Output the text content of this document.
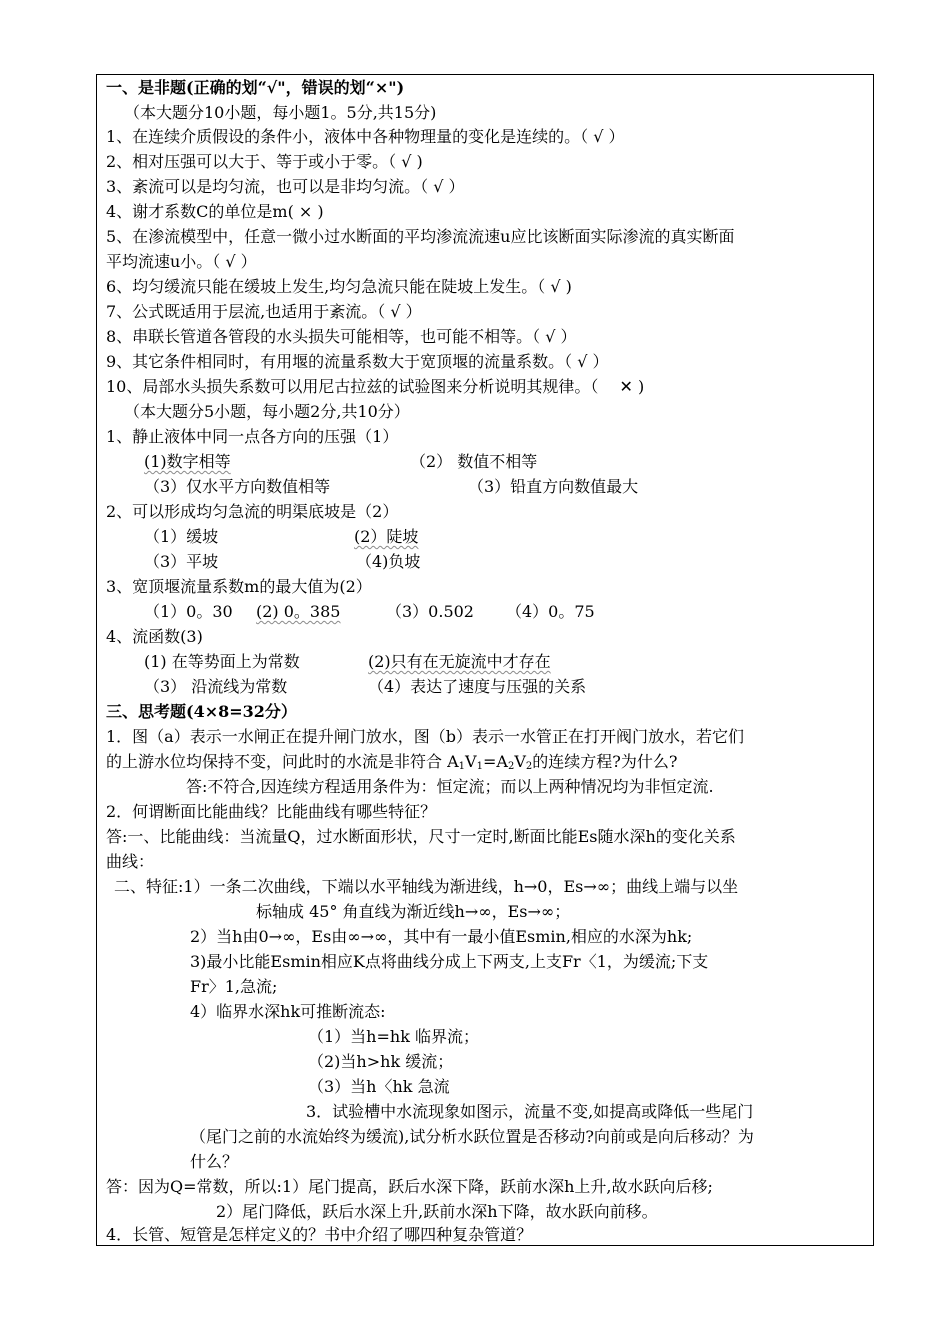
一、是非题(正确的划“√"，错误的划“×")
（本大题分10小题，每小题1。5分,共15分)
1、在连续介质假设的条件小，液体中各种物理量的变化是连续的。（ √ ）
2、相对压强可以大于、等于或小于零。（ √ )
3、紊流可以是均匀流，也可以是非均匀流。（ √ ）
4、谢才系数C的单位是m( × )
5、在渗流模型中，任意一微小过水断面的平均渗流流速u应比该断面实际渗流的真实断面
平均流速u小。（ √ ）
6、均匀缓流只能在缓坡上发生,均匀急流只能在陡坡上发生。（ √ )
7、公式既适用于层流,也适用于紊流。（ √ ）
8、串联长管道各管段的水头损失可能相等，也可能不相等。（ √ ）
9、其它条件相同时，有用堰的流量系数大于宽顶堰的流量系数。（ √ ）
10、局部水头损失系数可以用尼古拉兹的试验图来分析说明其规律。（　 ✕ )
（本大题分5小题，每小题2分,共10分）
1、静止液体中同一点各方向的压强（1）
(1)数字相等	（2） 数值不相等
（3）仅水平方向数值相等	（3）铅直方向数值最大
2、可以形成均匀急流的明渠底坡是（2）
（1）缓坡	(2）陡坡
（3）平坡	（4)负坡
3、宽顶堰流量系数m的最大值为(2）
（1）0。30 (2) 0。385	（3）0.502 （4）0。75
4、流函数(3)
(1) 在等势面上为常数	(2)只有在无旋流中才存在
（3） 沿流线为常数	（4）表达了速度与压强的关系
三、思考题(4×8=32分）
1．图（a）表示一水闸正在提升闸门放水，图（b）表示一水管正在打开阀门放水，若它们
的上游水位均保持不变，问此时的水流是非符合 $A_1V_1=A_2V_2$的连续方程?为什么?
答:不符合,因连续方程适用条件为：恒定流；而以上两种情况均为非恒定流.
2．何谓断面比能曲线？比能曲线有哪些特征？
答:一、比能曲线：当流量Q，过水断面形状，尺寸一定时,断面比能Es随水深h的变化关系
曲线：
二、特征:1）一条二次曲线，下端以水平轴线为渐进线，h→0，Es→∞；曲线上端与以坐
标轴成 45° 角直线为渐近线h→∞，Es→∞；
2）当h由0→∞，Es由∞→∞，其中有一最小值Esmin,相应的水深为hk;
3)最小比能Esmin相应K点将曲线分成上下两支,上支Fr〈1，为缓流;下支
Fr〉1,急流;
4）临界水深hk可推断流态:
（1）当h=hk 临界流；
（2)当h>hk 缓流；
（3）当h〈hk 急流
3．试验槽中水流现象如图示，流量不变,如提高或降低一些尾门
（尾门之前的水流始终为缓流),试分析水跃位置是否移动?向前或是向后移动？为
什么？
答：因为Q=常数，所以:1）尾门提高，跃后水深下降，跃前水深h上升,故水跃向后移;
2）尾门降低，跃后水深上升,跃前水深h下降，故水跃向前移。
4．长管、短管是怎样定义的？书中介绍了哪四种复杂管道？
